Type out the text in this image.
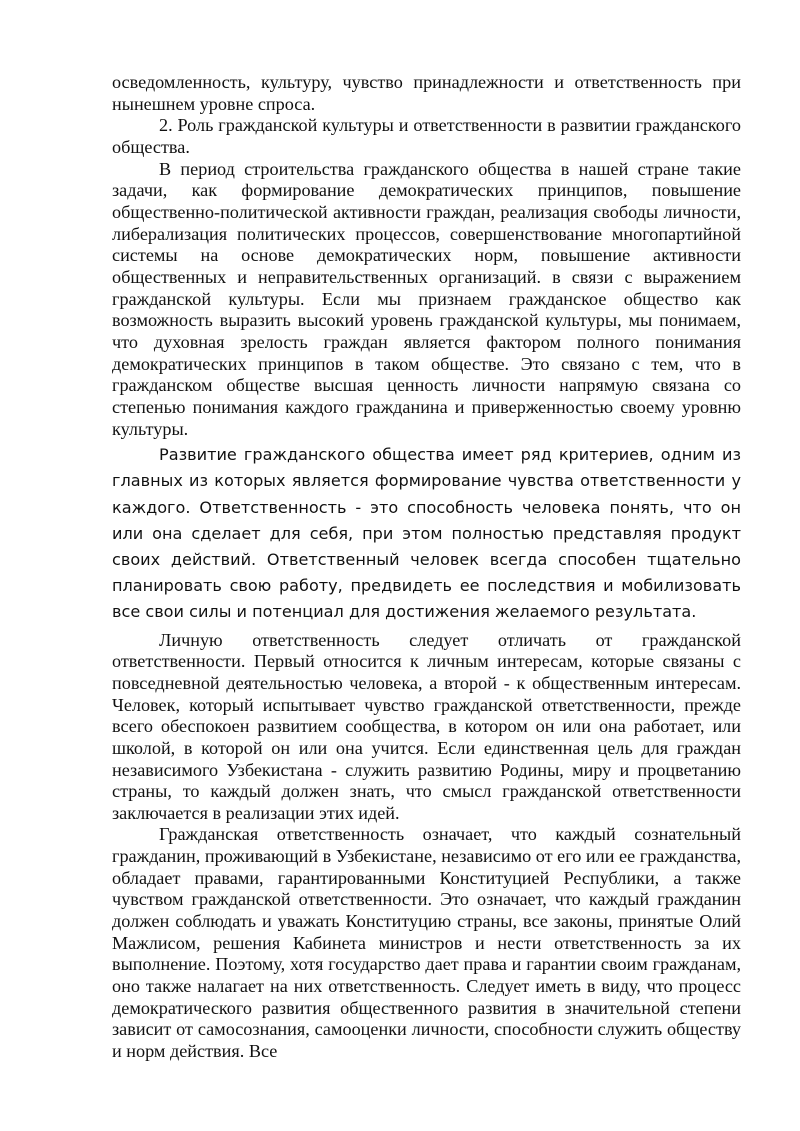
осведомленность, культуру, чувство принадлежности и ответственность при нынешнем уровне спроса.

2. Роль гражданской культуры и ответственности в развитии гражданского общества.

В период строительства гражданского общества в нашей стране такие задачи, как формирование демократических принципов, повышение общественно-политической активности граждан, реализация свободы личности, либерализация политических процессов, совершенствование многопартийной системы на основе демократических норм, повышение активности общественных и неправительственных организаций. в связи с выражением гражданской культуры. Если мы признаем гражданское общество как возможность выразить высокий уровень гражданской культуры, мы понимаем, что духовная зрелость граждан является фактором полного понимания демократических принципов в таком обществе. Это связано с тем, что в гражданском обществе высшая ценность личности напрямую связана со степенью понимания каждого гражданина и приверженностью своему уровню культуры.

Развитие гражданского общества имеет ряд критериев, одним из главных из которых является формирование чувства ответственности у каждого. Ответственность - это способность человека понять, что он или она сделает для себя, при этом полностью представляя продукт своих действий. Ответственный человек всегда способен тщательно планировать свою работу, предвидеть ее последствия и мобилизовать все свои силы и потенциал для достижения желаемого результата.

Личную ответственность следует отличать от гражданской ответственности. Первый относится к личным интересам, которые связаны с повседневной деятельностью человека, а второй - к общественным интересам. Человек, который испытывает чувство гражданской ответственности, прежде всего обеспокоен развитием сообщества, в котором он или она работает, или школой, в которой он или она учится. Если единственная цель для граждан независимого Узбекистана - служить развитию Родины, миру и процветанию страны, то каждый должен знать, что смысл гражданской ответственности заключается в реализации этих идей.

Гражданская ответственность означает, что каждый сознательный гражданин, проживающий в Узбекистане, независимо от его или ее гражданства, обладает правами, гарантированными Конституцией Республики, а также чувством гражданской ответственности. Это означает, что каждый гражданин должен соблюдать и уважать Конституцию страны, все законы, принятые Олий Мажлисом, решения Кабинета министров и нести ответственность за их выполнение. Поэтому, хотя государство дает права и гарантии своим гражданам, оно также налагает на них ответственность. Следует иметь в виду, что процесс демократического развития общественного развития в значительной степени зависит от самосознания, самооценки личности, способности служить обществу и норм действия. Все
